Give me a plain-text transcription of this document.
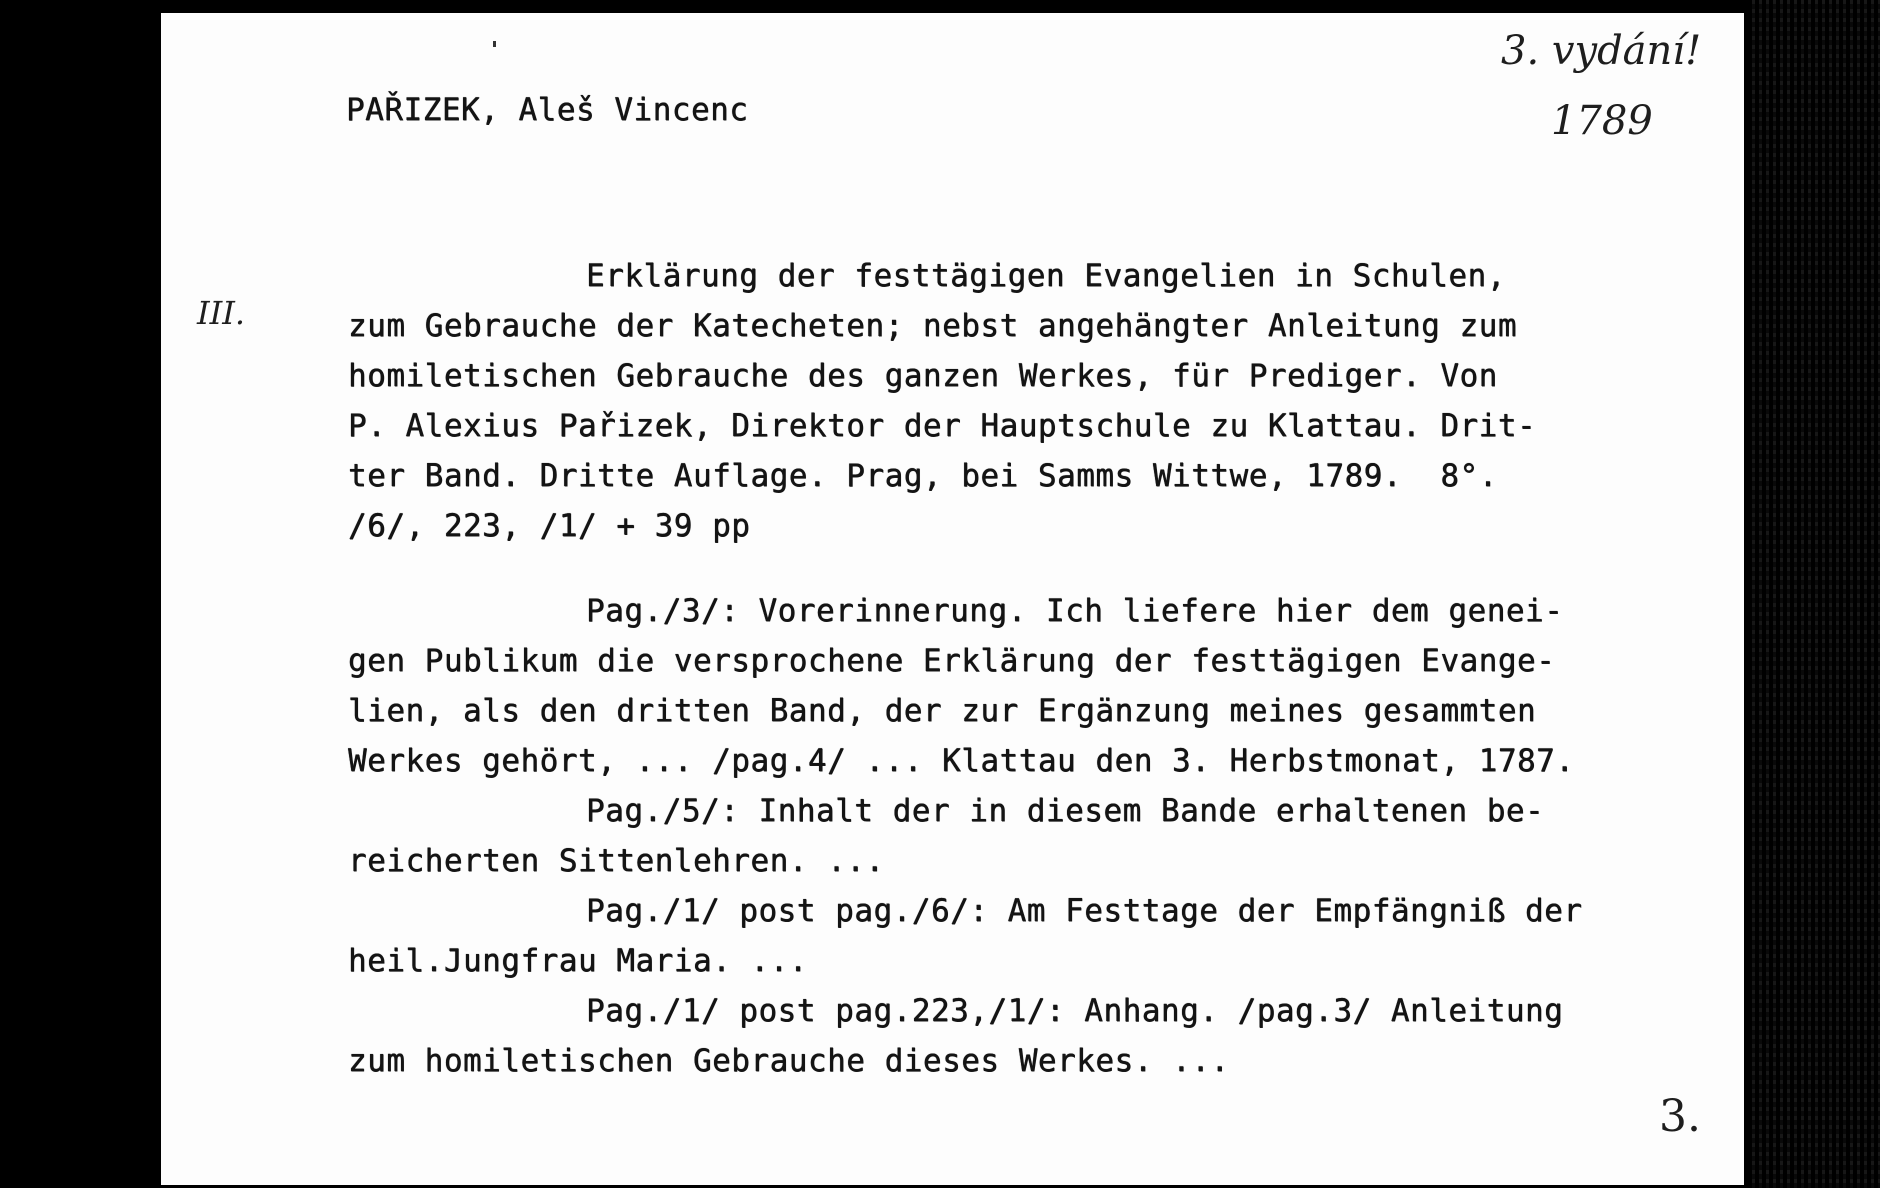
PAŘIZEK, Aleš Vincenc
3. vydání!
1789
III.
Erklärung der festtägigen Evangelien in Schulen,
zum Gebrauche der Katecheten; nebst angehängter Anleitung zum
homiletischen Gebrauche des ganzen Werkes, für Prediger. Von
P. Alexius Pařizek, Direktor der Hauptschule zu Klattau. Drit-
ter Band. Dritte Auflage. Prag, bei Samms Wittwe, 1789.  8°.
/6/, 223, /1/ + 39 pp
Pag./3/: Vorerinnerung. Ich liefere hier dem genei-
gen Publikum die versprochene Erklärung der festtägigen Evange-
lien, als den dritten Band, der zur Ergänzung meines gesammten
Werkes gehört, ... /pag.4/ ... Klattau den 3. Herbstmonat, 1787.
Pag./5/: Inhalt der in diesem Bande erhaltenen be-
reicherten Sittenlehren. ...
Pag./1/ post pag./6/: Am Festtage der Empfängniß der
heil.Jungfrau Maria. ...
Pag./1/ post pag.223,/1/: Anhang. /pag.3/ Anleitung
zum homiletischen Gebrauche dieses Werkes. ...
3.
